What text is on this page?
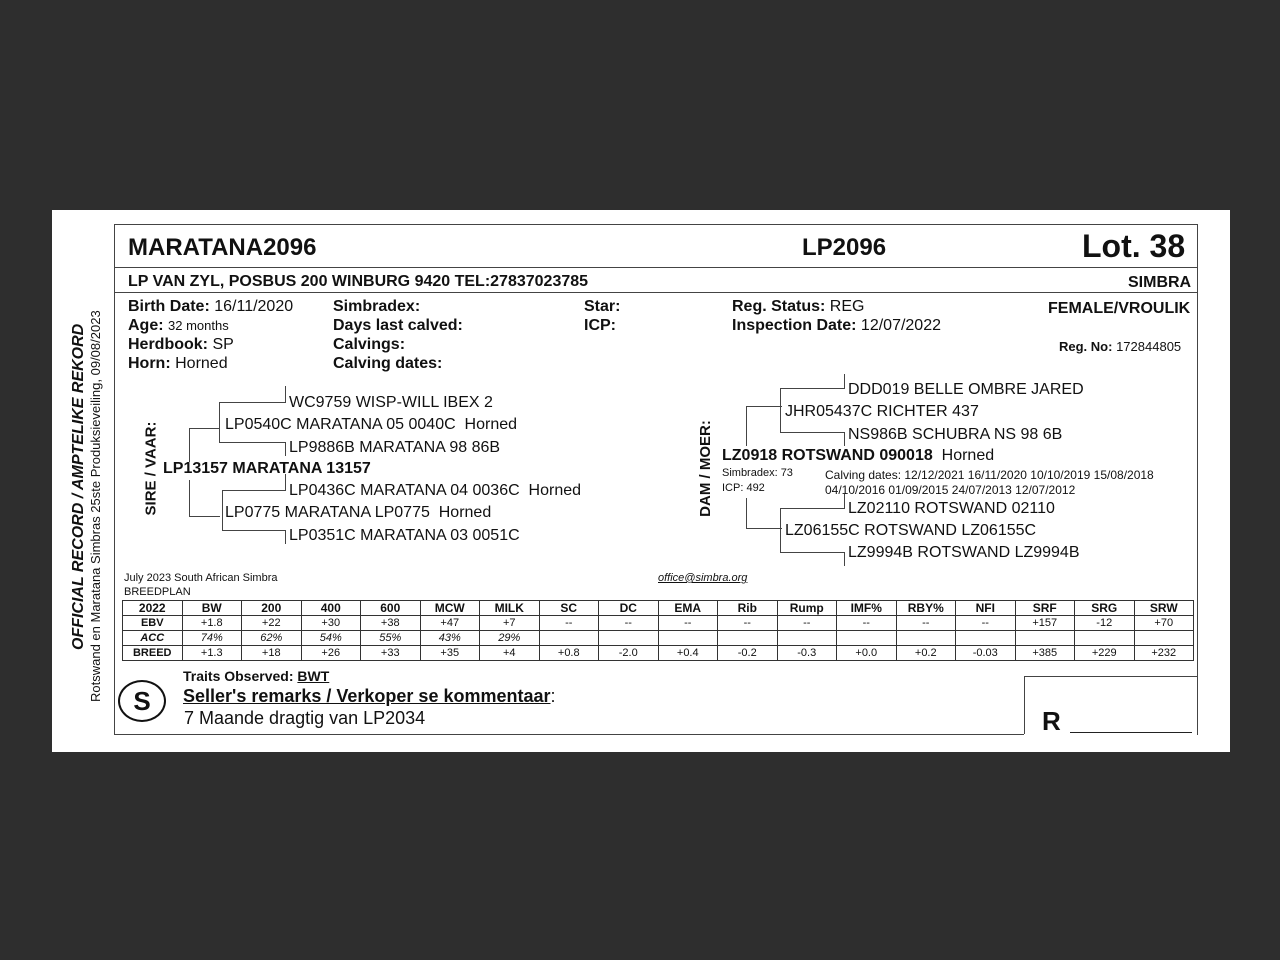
OFFICIAL RECORD / AMPTELIKE REKORD Rotswand en Maratana Simbras 25ste Produksieveiling, 09/08/2023
MARATANA2096	LP2096	Lot. 38
LP VAN ZYL, POSBUS 200 WINBURG 9420 TEL:27837023785	SIMBRA
Birth Date: 16/11/2020
Age: 32 months
Herdbook: SP
Horn: Horned
Simbradex:
Days last calved:
Calvings:
Calving dates:
Star:
ICP:
Reg. Status: REG
Inspection Date: 12/07/2022
FEMALE/VROULIK
Reg. No: 172844805
SIRE / VAAR:
WC9759 WISP-WILL IBEX 2
LP0540C MARATANA 05 0040C Horned
LP9886B MARATANA 98 86B
LP13157 MARATANA 13157
LP0436C MARATANA 04 0036C Horned
LP0775 MARATANA LP0775 Horned
LP0351C MARATANA 03 0051C
DAM / MOER:
DDD019 BELLE OMBRE JARED
JHR05437C RICHTER 437
NS986B SCHUBRA NS 98 6B
LZ0918 ROTSWAND 090018 Horned
Simbradex: 73
ICP: 492
Calving dates: 12/12/2021 16/11/2020 10/10/2019 15/08/2018
04/10/2016 01/09/2015 24/07/2013 12/07/2012
LZ02110 ROTSWAND 02110
LZ06155C ROTSWAND LZ06155C
LZ9994B ROTSWAND LZ9994B
July 2023 South African Simbra
BREEDPLAN
office@simbra.org
2022	BW	200	400	600	MCW	MILK	SC	DC	EMA	Rib	Rump	IMF%	RBY%	NFI	SRF	SRG	SRW
EBV	+1.8	+22	+30	+38	+47	+7	--	--	--	--	--	--	--	--	+157	-12	+70
ACC	74%	62%	54%	55%	43%	29%											
BREED	+1.3	+18	+26	+33	+35	+4	+0.8	-2.0	+0.4	-0.2	-0.3	+0.0	+0.2	-0.03	+385	+229	+232
Traits Observed: BWT
S	Seller's remarks / Verkoper se kommentaar:
7 Maande dragtig van LP2034	R
